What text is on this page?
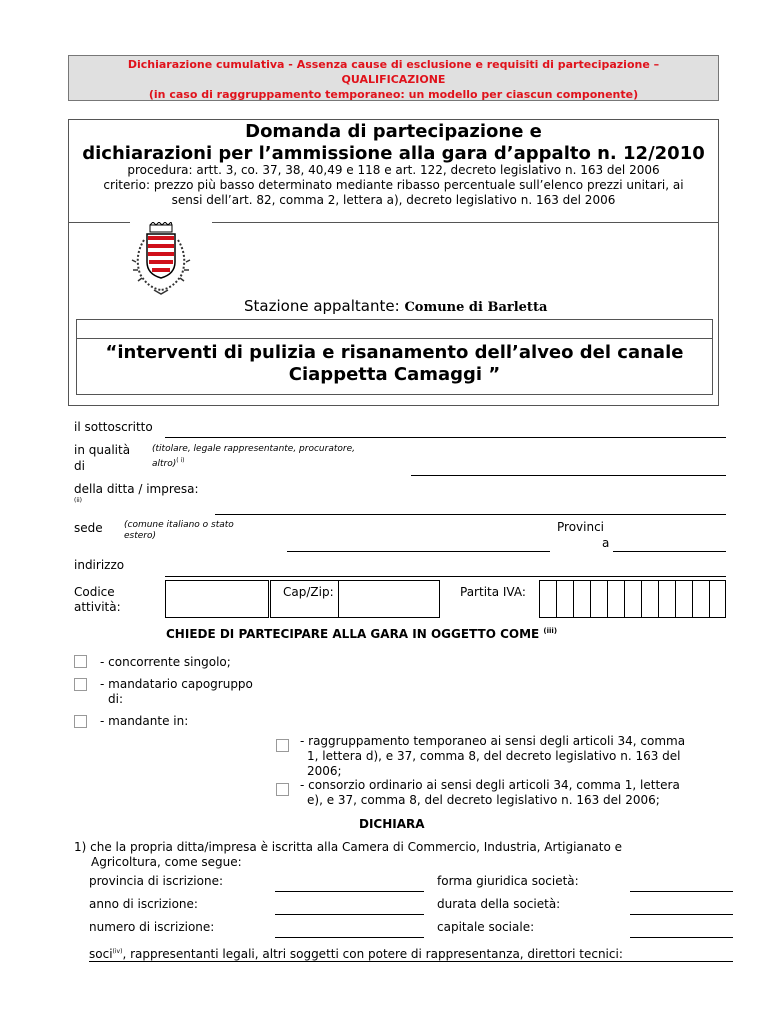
Dichiarazione cumulativa - Assenza cause di esclusione e requisiti di partecipazione –
QUALIFICAZIONE
(in caso di raggruppamento temporaneo: un modello per ciascun componente)
Domanda di partecipazione e
dichiarazioni per l’ammissione alla gara d’appalto n. 12/2010
procedura: artt. 3, co. 37, 38, 40,49 e 118 e art. 122, decreto legislativo n. 163 del 2006
criterio: prezzo più basso determinato mediante ribasso percentuale sull’elenco prezzi unitari, ai
sensi dell’art. 82, comma 2, lettera a), decreto legislativo n. 163 del 2006
Stazione appaltante: Comune di Barletta
“interventi di pulizia e risanamento dell’alveo del canale
Ciappetta Camaggi ”
il sottoscritto
in qualità
di
(titolare, legale rappresentante, procuratore,
altro)$^{( i)}$
della ditta / impresa:
(ii)
sede (comune italiano o stato
estero)
Provinci
a
indirizzo
Codice
attività:
Cap/Zip:	Partita IVA:
CHIEDE DI PARTECIPARE ALLA GARA IN OGGETTO COME $^{(iii)}$
- concorrente singolo;
- mandatario capogruppo
di:
- mandante in:
- raggruppamento temporaneo ai sensi degli articoli 34, comma
1, lettera d), e 37, comma 8, del decreto legislativo n. 163 del
2006;
- consorzio ordinario ai sensi degli articoli 34, comma 1, lettera
e), e 37, comma 8, del decreto legislativo n. 163 del 2006;
DICHIARA
1) che la propria ditta/impresa è iscritta alla Camera di Commercio, Industria, Artigianato e
Agricoltura, come segue:
provincia di iscrizione:	forma giuridica società:
anno di iscrizione:	durata della società:
numero di iscrizione:	capitale sociale:
soci$^{(iv)}$, rappresentanti legali, altri soggetti con potere di rappresentanza, direttori tecnici:
